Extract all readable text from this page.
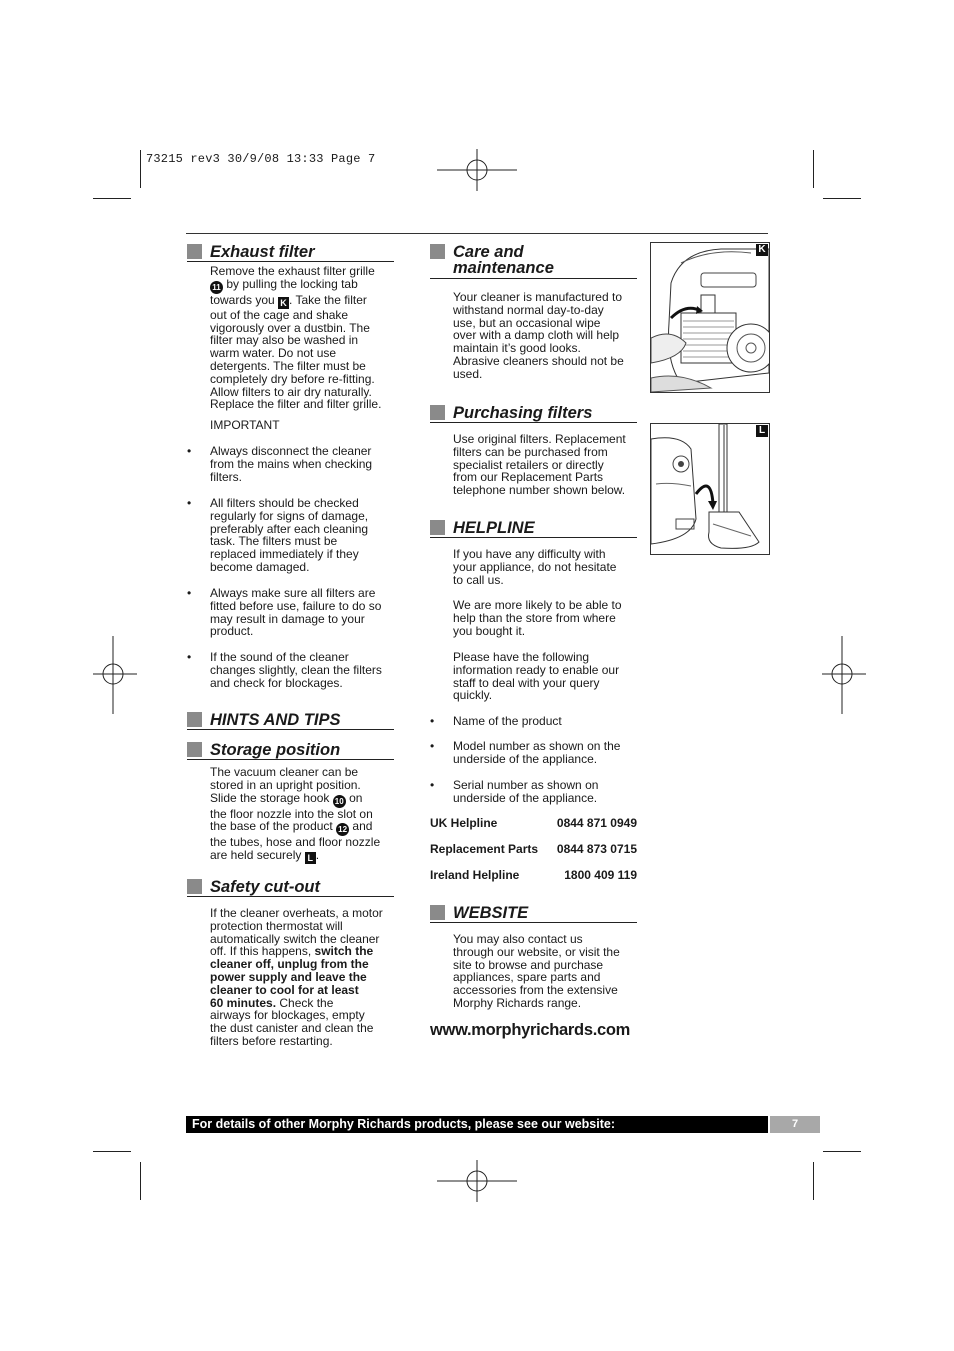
73215 rev3 30/9/08 13:33 Page 7
Exhaust filter
Remove the exhaust filter grille
11 by pulling the locking tab
towards you K . Take the filter
out of the cage and shake
vigorously over a dustbin. The
filter may also be washed in
warm water. Do not use
detergents. The filter must be
completely dry before re-fitting.
Allow filters to air dry naturally.
Replace the filter and filter grille.
IMPORTANT
• Always disconnect the cleaner
from the mains when checking
filters.
• All filters should be checked
regularly for signs of damage,
preferably after each cleaning
task. The filters must be
replaced immediately if they
become damaged.
• Always make sure all filters are
fitted before use, failure to do so
may result in damage to your
product.
• If the sound of the cleaner
changes slightly, clean the filters
and check for blockages.
HINTS AND TIPS
Storage position
The vacuum cleaner can be
stored in an upright position.
Slide the storage hook 10 on
the floor nozzle into the slot on
the base of the product 12 and
the tubes, hose and floor nozzle
are held securely L .
Safety cut-out
If the cleaner overheats, a motor
protection thermostat will
automatically switch the cleaner
off. If this happens, switch the
cleaner off, unplug from the
power supply and leave the
cleaner to cool for at least
60 minutes. Check the
airways for blockages, empty
the dust canister and clean the
filters before restarting.
Care and
maintenance
Your cleaner is manufactured to
withstand normal day-to-day
use, but an occasional wipe
over with a damp cloth will help
maintain it’s good looks.
Abrasive cleaners should not be
used.
Purchasing filters
Use original filters. Replacement
filters can be purchased from
specialist retailers or directly
from our Replacement Parts
telephone number shown below.
HELPLINE
If you have any difficulty with
your appliance, do not hesitate
to call us.
We are more likely to be able to
help than the store from where
you bought it.
Please have the following
information ready to enable our
staff to deal with your query
quickly.
• Name of the product
• Model number as shown on the
underside of the appliance.
• Serial number as shown on
underside of the appliance.
UK Helpline	0844 871 0949
Replacement Parts 0844 873 0715
Ireland Helpline	1800 409 119
WEBSITE
You may also contact us
through our website, or visit the
site to browse and purchase
appliances, spare parts and
accessories from the extensive
Morphy Richards range.
www.morphyrichards.com
K
L
For details of other Morphy Richards products, please see our website: www.morphyrichards.com
7
